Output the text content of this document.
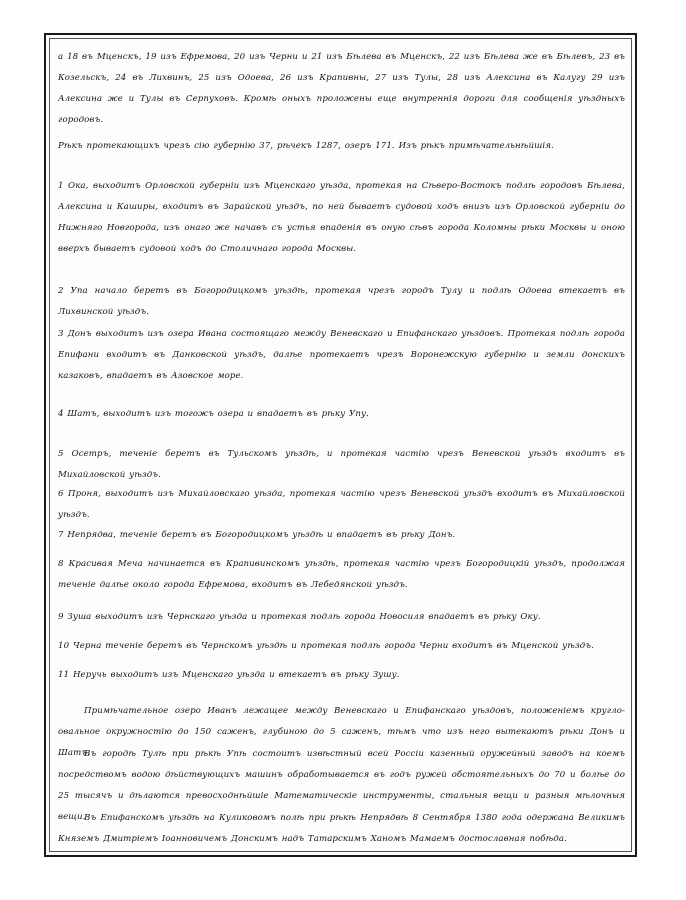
а 18 въ Мценскъ, 19 изъ Ефремова, 20 изъ Черни и 21 изъ Бѣлева въ Мценскъ, 22 изъ Бѣлева же въ Бѣлевъ, 23 въ Козельскъ, 24 въ Лихвинъ, 25 изъ Одоева, 26 изъ Крапивны, 27 изъ Тулы, 28 изъ Алексина въ Калугу 29 изъ Алексина же и Тулы въ Серпуховъ. Кромѣ оныхъ проложены еще внутреннія дороги для сообщенія уѣздныхъ городовъ.

Рѣкъ протекающихъ чрезъ сію губернію 37, рѣчекъ 1287, озеръ 171. Изъ рѣкъ примѣчательнѣйшія.

1 Ока, выходитъ Орловской губерніи изъ Мценскаго уѣзда, протекая на Сѣверо-Востокъ подлѣ городовъ Бѣлева, Алексина и Каширы, входитъ въ Зарайской уѣздъ, по ней бываетъ судовой ходъ внизъ изъ Орловской губерніи до Нижняго Новгорода, изъ онаго же начавъ съ устья впаденія въ оную сѣвъ города Коломны рѣки Москвы и оною вверхъ бываетъ судовой ходъ до Столичнаго города Москвы.

2 Упа начало беретъ въ Богородицкомъ уѣздѣ, протекая чрезъ городъ Тулу и подлѣ Одоева втекаетъ въ Лихвинской уѣздъ.

3 Донъ выходитъ изъ озера Ивана состоящаго между Веневскаго и Епифанскаго уѣздовъ. Протекая подлѣ города Епифани входитъ въ Данковской уѣздъ, далѣе протекаетъ чрезъ Воронежскую губернію и земли донскихъ казаковъ, впадаетъ въ Азовское море.

4 Шатъ, выходитъ изъ тогожъ озера и впадаетъ въ рѣку Упу.

5 Осетръ, теченіе беретъ въ Тульскомъ уѣздѣ, и протекая частію чрезъ Веневской уѣздъ входитъ въ Михайловской уѣздъ.

6 Проня, выходитъ изъ Михайловскаго уѣзда, протекая частію чрезъ Веневской уѣздъ входитъ въ Михайловской уѣздъ.

7 Непрядва, теченіе беретъ въ Богородицкомъ уѣздѣ и впадаетъ въ рѣку Донъ.

8 Красивая Меча начинается въ Крапивинскомъ уѣздѣ, протекая частію чрезъ Богородицкій уѣздъ, продолжая теченіе далѣе около города Ефремова, входитъ въ Лебедянской уѣздъ.

9 Зуша выходитъ изъ Чернскаго уѣзда и протекая подлѣ города Новосиля впадаетъ въ рѣку Оку.

10 Черна теченіе беретъ въ Чернскомъ уѣздѣ и протекая подлѣ города Черни входитъ въ Мценской уѣздъ.

11 Неручь выходитъ изъ Мценскаго уѣзда и втекаетъ въ рѣку Зушу.

Примѣчательное озеро Иванъ лежащее между Веневскаго и Епифанскаго уѣздовъ, положеніемъ кругло-овальное окружностію до 150 саженъ, глубиною до 5 саженъ, тѣмъ что изъ него вытекаютъ рѣки Донъ и Шатъ.

Въ городѣ Тулѣ при рѣкѣ Упѣ состоитъ извѣстный всей Россіи казенный оружейный заводъ на коемъ посредствомъ водою дѣйствующихъ машинъ обработывается въ годъ ружей обстоятельныхъ до 70 и болѣе до 25 тысячъ и дѣлаются превосходнѣйшіе Математическіе инструменты, стальныя вещи и разныя мѣлочныя вещи.

Въ Епифанскомъ уѣздѣ на Куликовомъ полѣ при рѣкѣ Непрядвѣ 8 Сентября 1380 года одержана Великимъ Княземъ Дмитріемъ Іоанновичемъ Донскимъ надъ Татарскимъ Ханомъ Мамаемъ достославная побѣда.
